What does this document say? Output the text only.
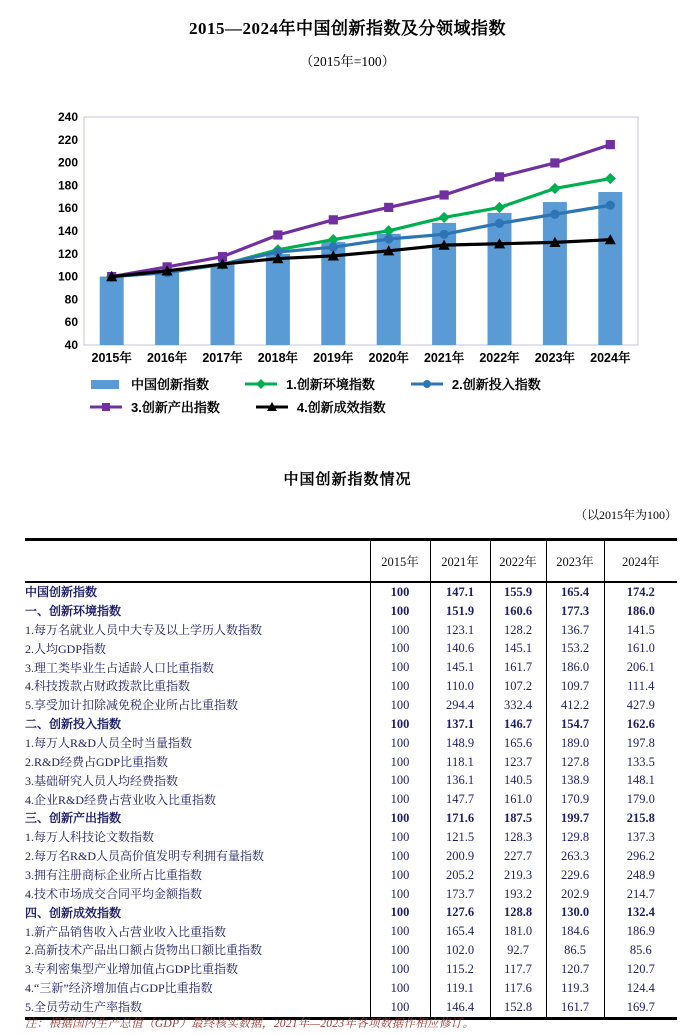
2015—2024年中国创新指数及分领域指数
（2015年=100）
40
60
80
100
120
140
160
180
200
220
240
2015年 2016年 2017年 2018年 2019年 2020年 2021年 2022年 2023年 2024年
中国创新指数	1.创新环境指数	2.创新投入指数
3.创新产出指数	4.创新成效指数
中国创新指数情况
（以2015年为100）
	2015年	2021年	2022年	2023年	2024年
中国创新指数	100	147.1	155.9	165.4	174.2
一、创新环境指数	100	151.9	160.6	177.3	186.0
1.每万名就业人员中大专及以上学历人数指数	100	123.1	128.2	136.7	141.5
2.人均GDP指数	100	140.6	145.1	153.2	161.0
3.理工类毕业生占适龄人口比重指数	100	145.1	161.7	186.0	206.1
4.科技拨款占财政拨款比重指数	100	110.0	107.2	109.7	111.4
5.享受加计扣除减免税企业所占比重指数	100	294.4	332.4	412.2	427.9
二、创新投入指数	100	137.1	146.7	154.7	162.6
1.每万人R&D人员全时当量指数	100	148.9	165.6	189.0	197.8
2.R&D经费占GDP比重指数	100	118.1	123.7	127.8	133.5
3.基础研究人员人均经费指数	100	136.1	140.5	138.9	148.1
4.企业R&D经费占营业收入比重指数	100	147.7	161.0	170.9	179.0
三、创新产出指数	100	171.6	187.5	199.7	215.8
1.每万人科技论文数指数	100	121.5	128.3	129.8	137.3
2.每万名R&D人员高价值发明专利拥有量指数	100	200.9	227.7	263.3	296.2
3.拥有注册商标企业所占比重指数	100	205.2	219.3	229.6	248.9
4.技术市场成交合同平均金额指数	100	173.7	193.2	202.9	214.7
四、创新成效指数	100	127.6	128.8	130.0	132.4
1.新产品销售收入占营业收入比重指数	100	165.4	181.0	184.6	186.9
2.高新技术产品出口额占货物出口额比重指数	100	102.0	92.7	86.5	85.6
3.专利密集型产业增加值占GDP比重指数	100	115.2	117.7	120.7	120.7
4.“三新”经济增加值占GDP比重指数	100	119.1	117.6	119.3	124.4
5.全员劳动生产率指数	100	146.4	152.8	161.7	169.7
注：根据国内生产总值（GDP）最终核实数据，2021年—2023年各项数据作相应修订。
